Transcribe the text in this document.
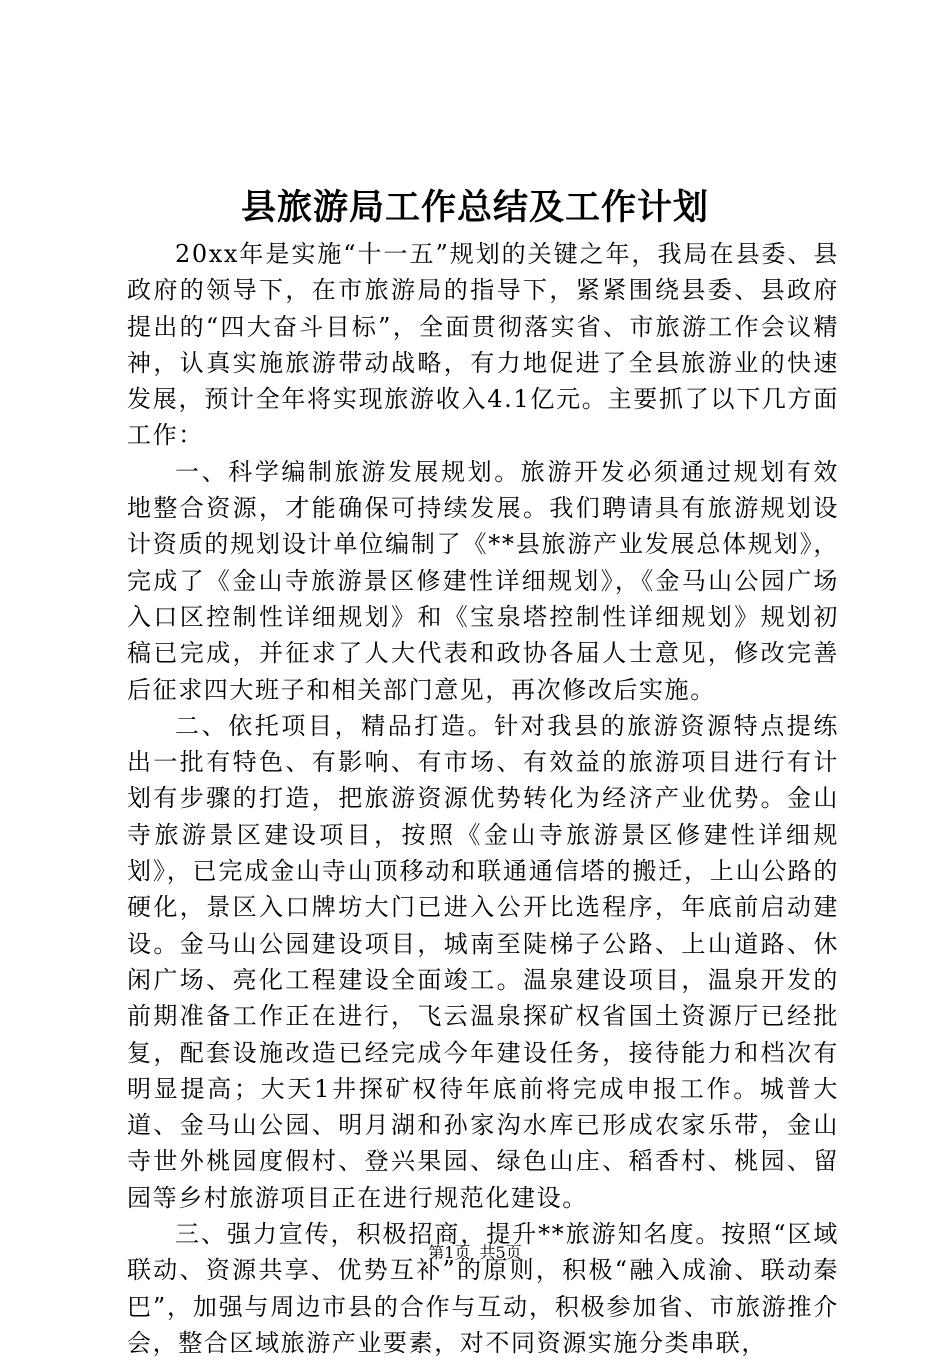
县旅游局工作总结及工作计划

20xx年是实施“十一五”规划的关键之年，我局在县委、县政府的领导下，在市旅游局的指导下，紧紧围绕县委、县政府提出的“四大奋斗目标”，全面贯彻落实省、市旅游工作会议精神，认真实施旅游带动战略，有力地促进了全县旅游业的快速发展，预计全年将实现旅游收入4.1亿元。主要抓了以下几方面工作：

一、科学编制旅游发展规划。旅游开发必须通过规划有效地整合资源，才能确保可持续发展。我们聘请具有旅游规划设计资质的规划设计单位编制了《**县旅游产业发展总体规划》，完成了《金山寺旅游景区修建性详细规划》，《金马山公园广场入口区控制性详细规划》和《宝泉塔控制性详细规划》规划初稿已完成，并征求了人大代表和政协各届人士意见，修改完善后征求四大班子和相关部门意见，再次修改后实施。

二、依托项目，精品打造。针对我县的旅游资源特点提练出一批有特色、有影响、有市场、有效益的旅游项目进行有计划有步骤的打造，把旅游资源优势转化为经济产业优势。金山寺旅游景区建设项目，按照《金山寺旅游景区修建性详细规划》，已完成金山寺山顶移动和联通通信塔的搬迁，上山公路的硬化，景区入口牌坊大门已进入公开比选程序，年底前启动建设。金马山公园建设项目，城南至陡梯子公路、上山道路、休闲广场、亮化工程建设全面竣工。温泉建设项目，温泉开发的前期准备工作正在进行，飞云温泉探矿权省国土资源厅已经批复，配套设施改造已经完成今年建设任务，接待能力和档次有明显提高；大天1井探矿权待年底前将完成申报工作。城普大道、金马山公园、明月湖和孙家沟水库已形成农家乐带，金山寺世外桃园度假村、登兴果园、绿色山庄、稻香村、桃园、留园等乡村旅游项目正在进行规范化建设。

三、强力宣传，积极招商，提升**旅游知名度。按照“区域联动、资源共享、优势互补”的原则，积极“融入成渝、联动秦巴”，加强与周边市县的合作与互动，积极参加省、市旅游推介会，整合区域旅游产业要素，对不同资源实施分类串联，

第1页 共5页
